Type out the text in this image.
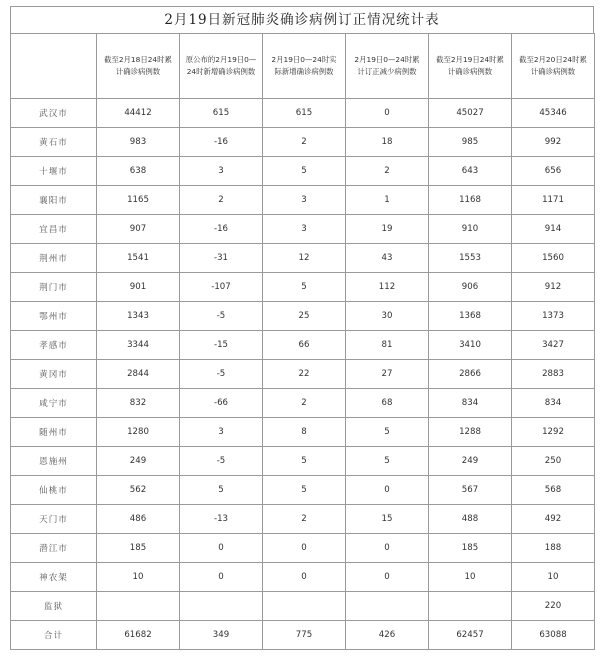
2月19日新冠肺炎确诊病例订正情况统计表
	截至2月18日24时累计确诊病例数	原公布的2月19日0—24时新增确诊病例数	2月19日0—24时实际新增确诊病例数	2月19日0—24时累计订正减少病例数	截至2月19日24时累计确诊病例数	截至2月20日24时累计确诊病例数
武汉市	44412	615	615	0	45027	45346
黄石市	983	-16	2	18	985	992
十堰市	638	3	5	2	643	656
襄阳市	1165	2	3	1	1168	1171
宜昌市	907	-16	3	19	910	914
荆州市	1541	-31	12	43	1553	1560
荆门市	901	-107	5	112	906	912
鄂州市	1343	-5	25	30	1368	1373
孝感市	3344	-15	66	81	3410	3427
黄冈市	2844	-5	22	27	2866	2883
咸宁市	832	-66	2	68	834	834
随州市	1280	3	8	5	1288	1292
恩施州	249	-5	5	5	249	250
仙桃市	562	5	5	0	567	568
天门市	486	-13	2	15	488	492
潜江市	185	0	0	0	185	188
神农架	10	0	0	0	10	10
监狱						220
合计	61682	349	775	426	62457	63088
